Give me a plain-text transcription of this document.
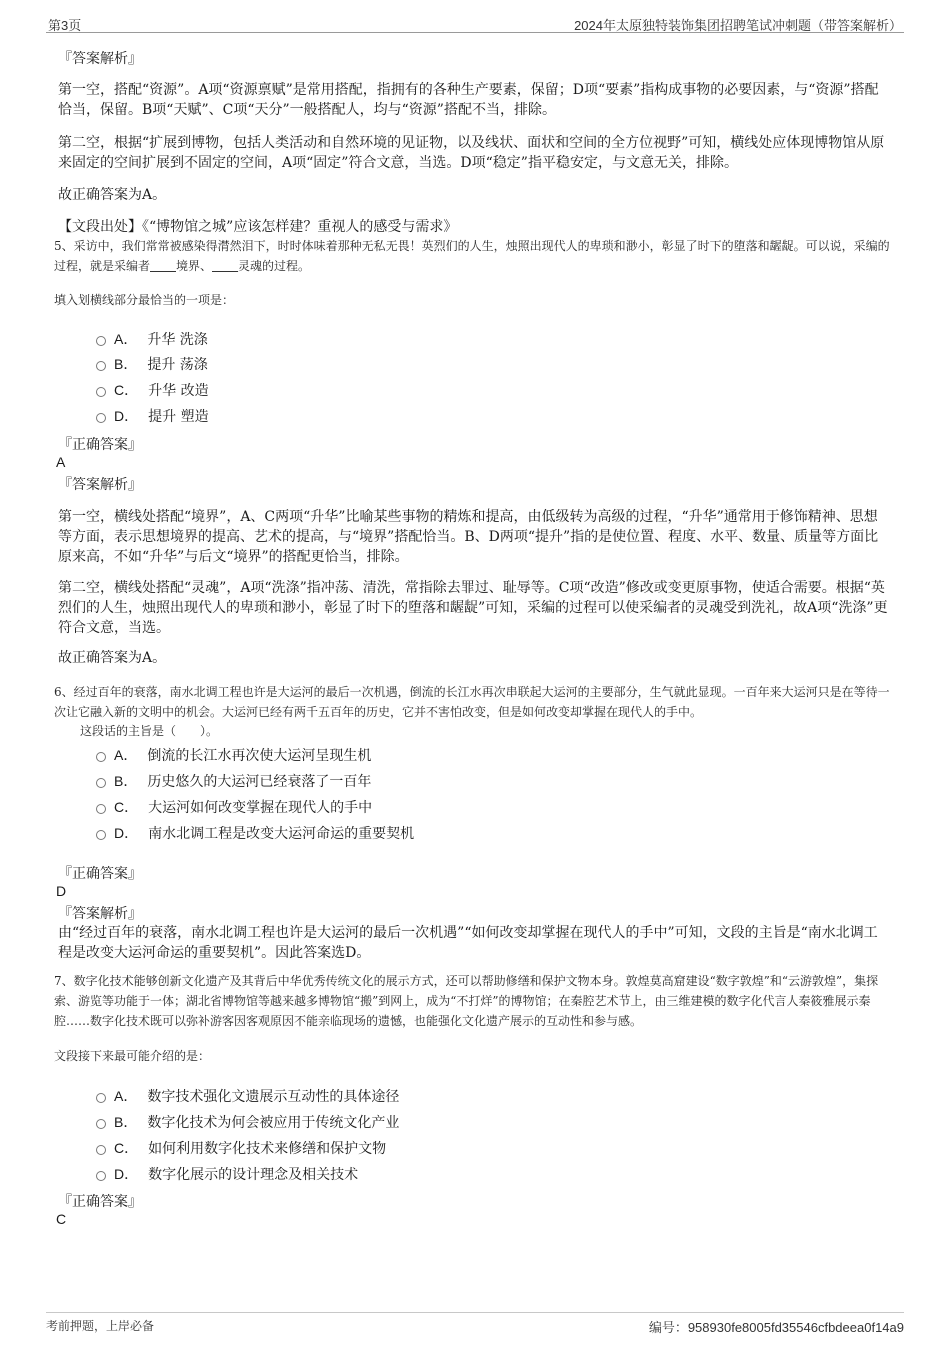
第3页	2024年太原独特装饰集团招聘笔试冲刺题（带答案解析）
『答案解析』
第一空，搭配“资源”。A项“资源禀赋”是常用搭配，指拥有的各种生产要素，保留；D项“要素”指构成事物的必要因素，与“资源”搭配恰当，保留。B项“天赋”、C项“天分”一般搭配人，均与“资源”搭配不当，排除。
第二空，根据“扩展到博物，包括人类活动和自然环境的见证物，以及线状、面状和空间的全方位视野”可知，横线处应体现博物馆从原来固定的空间扩展到不固定的空间，A项“固定”符合文意，当选。D项“稳定”指平稳安定，与文意无关，排除。
故正确答案为A。
【文段出处】《“博物馆之城”应该怎样建？重视人的感受与需求》
5、采访中，我们常常被感染得潸然泪下，时时体味着那种无私无畏！英烈们的人生，烛照出现代人的卑琐和渺小，彰显了时下的堕落和龌龊。可以说，采编的过程，就是采编者 境界、 灵魂的过程。
填入划横线部分最恰当的一项是：
A． 升华 洗涤
B． 提升 荡涤
C． 升华 改造
D． 提升 塑造
『正确答案』
A
『答案解析』
第一空，横线处搭配“境界”，A、C两项“升华”比喻某些事物的精炼和提高，由低级转为高级的过程，“升华”通常用于修饰精神、思想等方面，表示思想境界的提高、艺术的提高，与“境界”搭配恰当。B、D两项“提升”指的是使位置、程度、水平、数量、质量等方面比原来高，不如“升华”与后文“境界”的搭配更恰当，排除。
第二空，横线处搭配“灵魂”，A项“洗涤”指冲荡、清洗，常指除去罪过、耻辱等。C项“改造”修改或变更原事物，使适合需要。根据“英烈们的人生，烛照出现代人的卑琐和渺小，彰显了时下的堕落和龌龊”可知，采编的过程可以使采编者的灵魂受到洗礼，故A项“洗涤”更符合文意，当选。
故正确答案为A。
6、经过百年的衰落，南水北调工程也许是大运河的最后一次机遇，倒流的长江水再次串联起大运河的主要部分，生气就此显现。一百年来大运河只是在等待一次让它融入新的文明中的机会。大运河已经有两千五百年的历史，它并不害怕改变，但是如何改变却掌握在现代人的手中。
这段话的主旨是（　　）。
A． 倒流的长江水再次使大运河呈现生机
B． 历史悠久的大运河已经衰落了一百年
C． 大运河如何改变掌握在现代人的手中
D． 南水北调工程是改变大运河命运的重要契机
『正确答案』
D
『答案解析』
由“经过百年的衰落，南水北调工程也许是大运河的最后一次机遇”“如何改变却掌握在现代人的手中”可知，文段的主旨是“南水北调工程是改变大运河命运的重要契机”。因此答案选D。
7、数字化技术能够创新文化遗产及其背后中华优秀传统文化的展示方式，还可以帮助修缮和保护文物本身。敦煌莫高窟建设“数字敦煌”和“云游敦煌”，集探索、游览等功能于一体；湖北省博物馆等越来越多博物馆“搬”到网上，成为“不打烊”的博物馆；在秦腔艺术节上，由三维建模的数字化代言人秦筱雅展示秦腔……数字化技术既可以弥补游客因客观原因不能亲临现场的遗憾，也能强化文化遗产展示的互动性和参与感。
文段接下来最可能介绍的是：
A． 数字技术强化文遗展示互动性的具体途径
B． 数字化技术为何会被应用于传统文化产业
C． 如何利用数字化技术来修缮和保护文物
D． 数字化展示的设计理念及相关技术
『正确答案』
C
考前押题，上岸必备	编号：958930fe8005fd35546cfbdeea0f14a9
